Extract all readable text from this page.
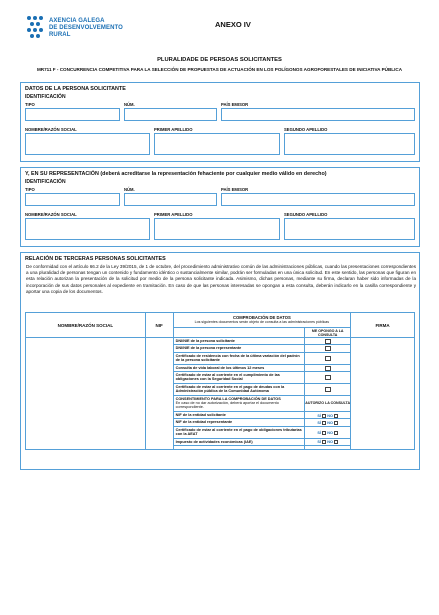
AXENCIA GALEGA
DE DESENVOLVEMENTO
RURAL
ANEXO IV
PLURALIDADE DE PERSOAS SOLICITANTES
MR711 F - CONCURRENCIA COMPETITIVA PARA LA SELECCIÓN DE PROPUESTAS DE ACTUACIÓN EN LOS POLÍGONOS AGROFORESTALES DE INICIATIVA PÚBLICA
DATOS DE LA PERSONA SOLICITANTE
IDENTIFICACIÓN
TIPO	NÚM.	PAÍS EMISOR
NOMBRE/RAZÓN SOCIAL	PRIMER APELLIDO	SEGUNDO APELLIDO
Y, EN SU REPRESENTACIÓN (deberá acreditarse la representación fehaciente por cualquier medio válido en derecho)
IDENTIFICACIÓN
TIPO	NÚM.	PAÍS EMISOR
NOMBRE/RAZÓN SOCIAL	PRIMER APELLIDO	SEGUNDO APELLIDO
RELACIÓN DE TERCERAS PERSONAS SOLICITANTES
De conformidad con el artículo 66.2 de la Ley 39/2015, de 1 de octubre, del procedimiento administrativo común de las administraciones públicas, cuando las presentaciones correspondientes a una pluralidad de personas tengan un contenido y fundamento idéntico o sustancialmente similar, podrán ser formuladas en una única solicitud. En este sentido, las personas que figuran en esta relación autorizan la presentación de la solicitud por medio de la persona solicitante indicada. Asimismo, dichas personas, mediante su firma, declaran haber sido informadas de la incorporación de sus datos personales al expediente en tramitación. En caso de que las personas interesadas se opongan a esta consulta, deberán indicarlo en la casilla correspondiente y aportar una copia de los documentos.
NOMBRE/RAZÓN SOCIAL	NIF	COMPROBACIÓN DE DATOS
Los siguientes documentos serán objeto de consulta a las administraciones públicas		FIRMA
			ME OPONGO A LA CONSULTA	
		DNI/NIE de la persona solicitante		
		DNI/NIE de la persona representante		
		Certificado de residencia con fecha de la última variación del padrón de la persona solicitante		
		Consulta de vida laboral de los últimos 12 meses		
		Certificado de estar al corriente en el cumplimiento de las obligaciones con la Seguridad Social		
		Certificado de estar al corriente en el pago de deudas con la Administración pública de la Comunidad Autónoma		

		CONSENTIMIENTO PARA LA COMPROBACIÓN DE DATOS
En caso de no dar autorización, deberá aportar el documento correspondiente.	AUTORIZO LA CONSULTA	
		NIF de la entidad solicitante	SÍ NO	
		NIF de la entidad representante	SÍ NO	
		Certificado de estar al corriente en el pago de obligaciones tributarias con la AEAT	SÍ NO	
		Impuesto de actividades económicas (IAE)	SÍ NO	
